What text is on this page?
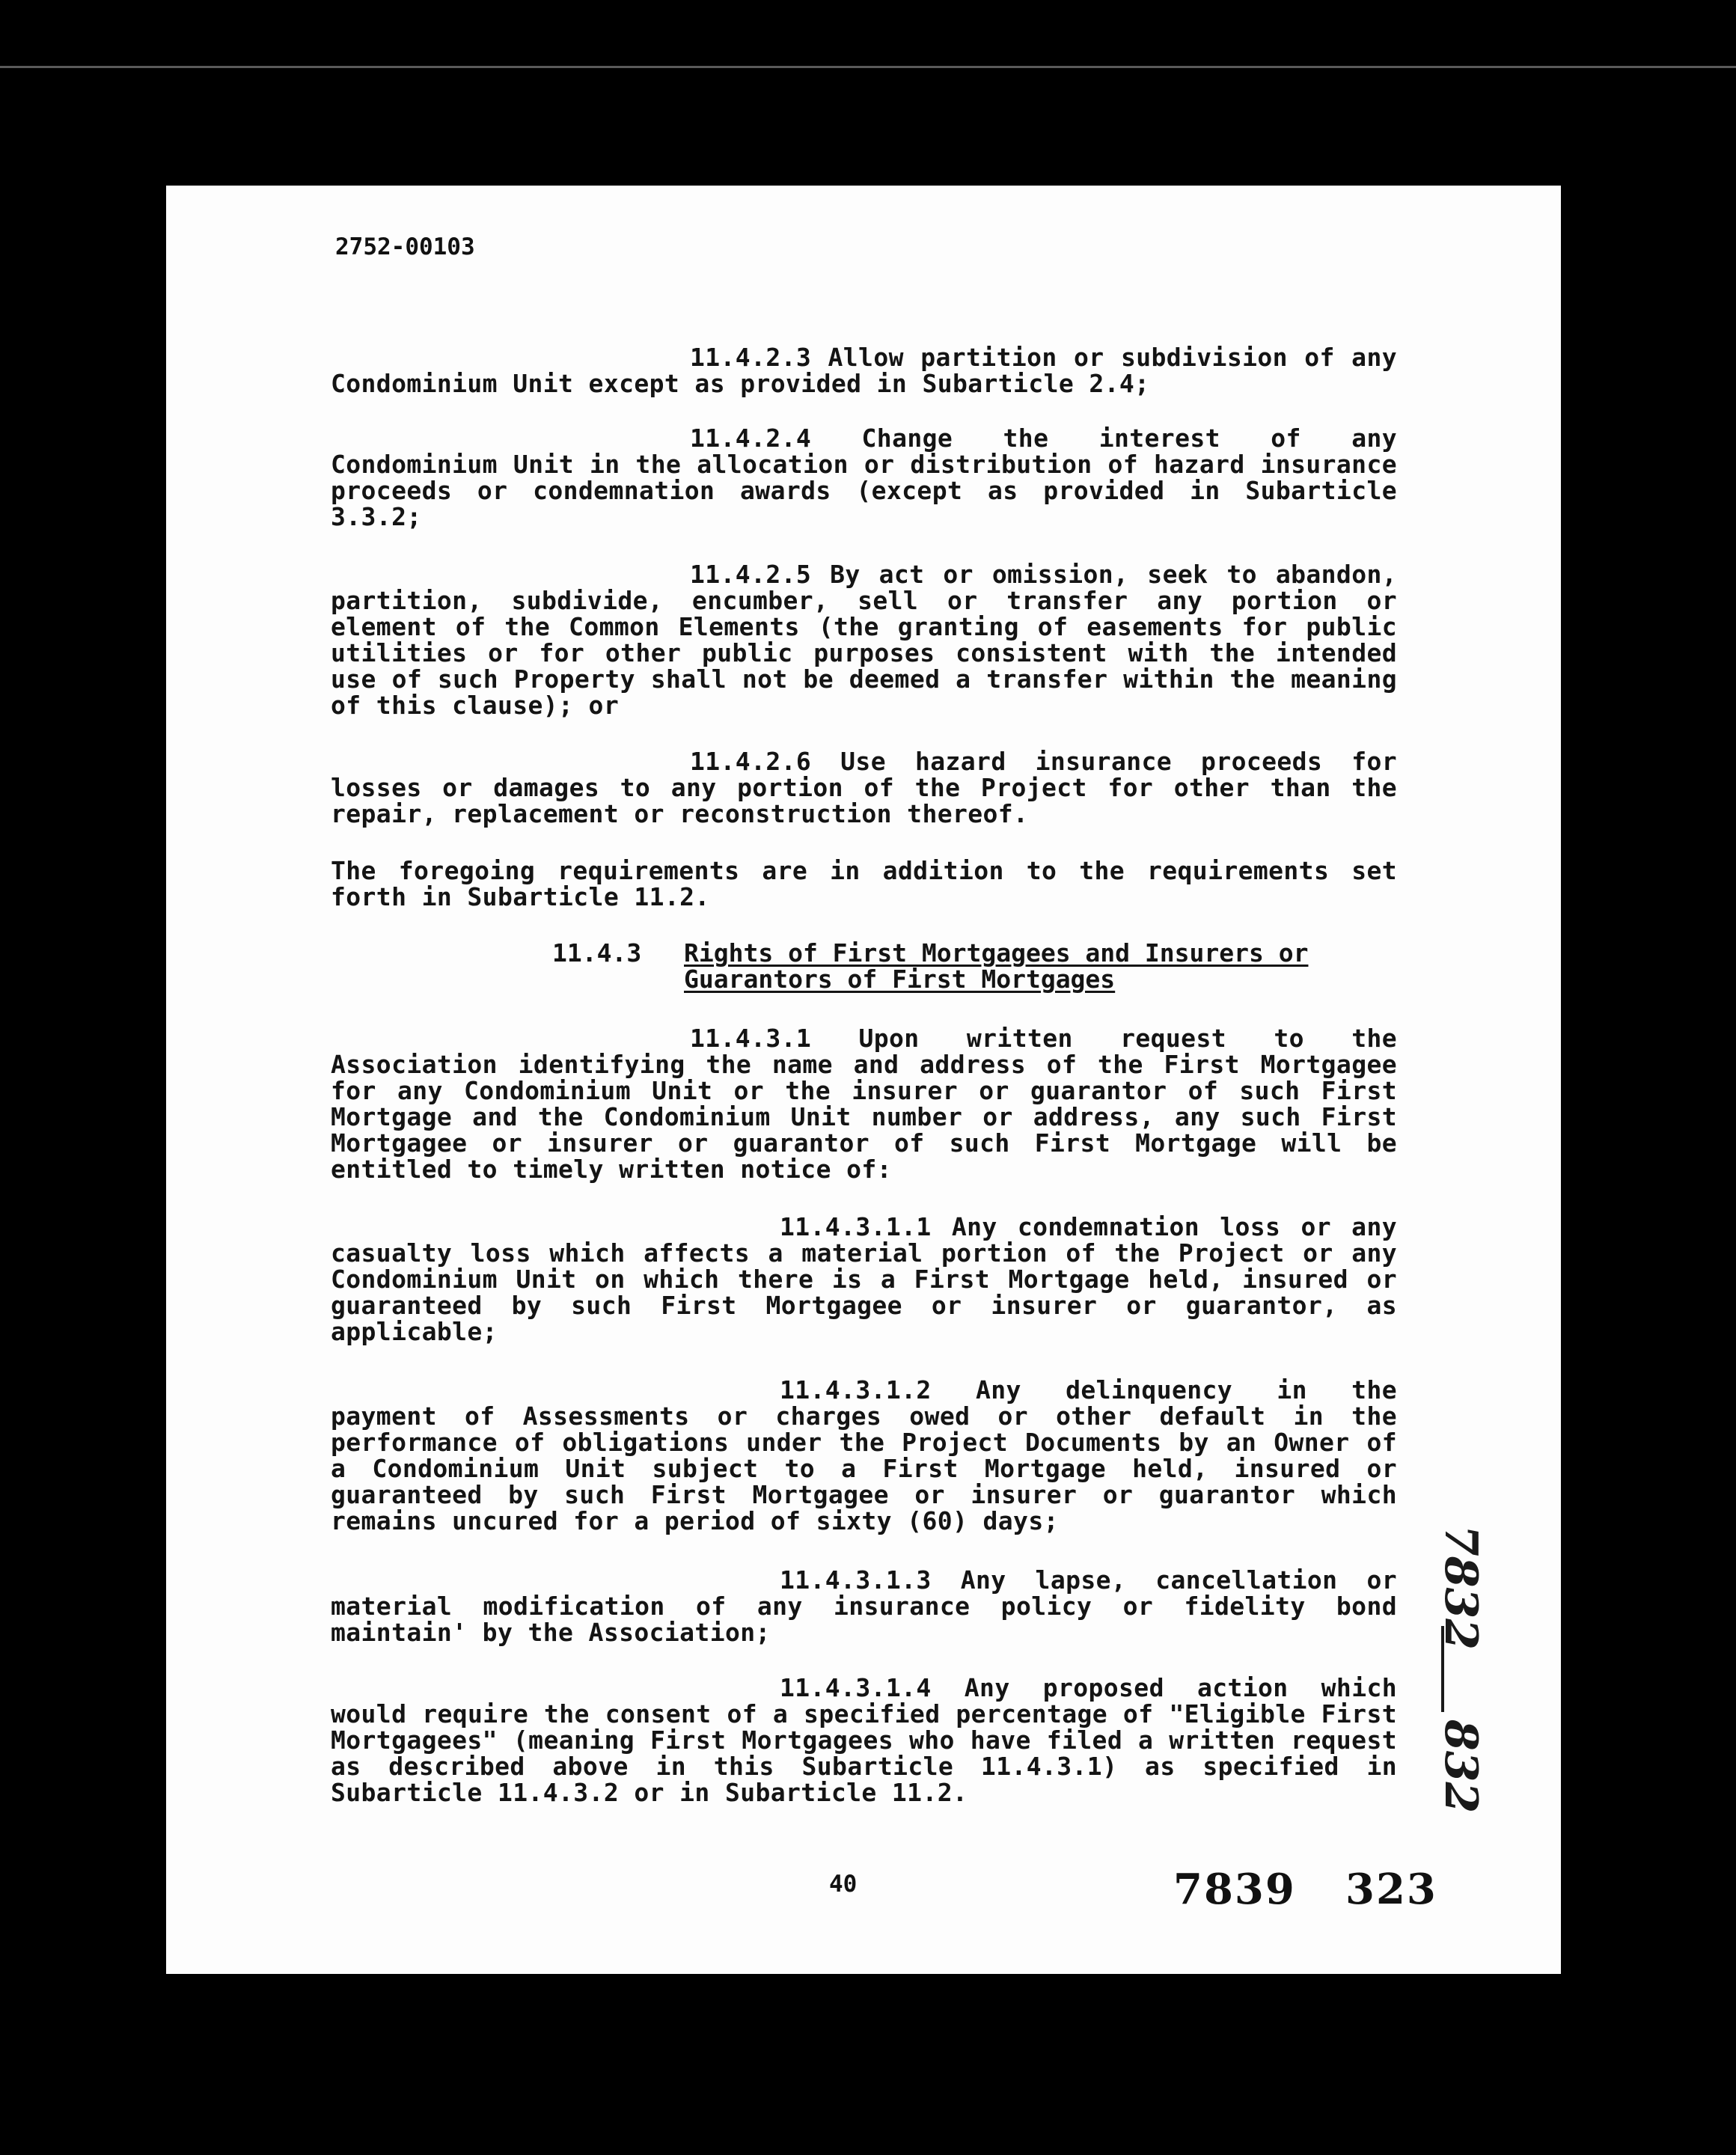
2752-00103

11.4.2.3 Allow partition or subdivision of any Condominium Unit except as provided in Subarticle 2.4;

11.4.2.4 Change the interest of any Condominium Unit in the allocation or distribution of hazard insurance proceeds or condemnation awards (except as provided in Subarticle 3.3.2;

11.4.2.5 By act or omission, seek to abandon, partition, subdivide, encumber, sell or transfer any portion or element of the Common Elements (the granting of easements for public utilities or for other public purposes consistent with the intended use of such Property shall not be deemed a transfer within the meaning of this clause); or

11.4.2.6 Use hazard insurance proceeds for losses or damages to any portion of the Project for other than the repair, replacement or reconstruction thereof.

The foregoing requirements are in addition to the requirements set forth in Subarticle 11.2.

11.4.3 Rights of First Mortgagees and Insurers or Guarantors of First Mortgages

11.4.3.1 Upon written request to the Association identifying the name and address of the First Mortgagee for any Condominium Unit or the insurer or guarantor of such First Mortgage and the Condominium Unit number or address, any such First Mortgagee or insurer or guarantor of such First Mortgage will be entitled to timely written notice of:

11.4.3.1.1 Any condemnation loss or any casualty loss which affects a material portion of the Project or any Condominium Unit on which there is a First Mortgage held, insured or guaranteed by such First Mortgagee or insurer or guarantor, as applicable;

11.4.3.1.2 Any delinquency in the payment of Assessments or charges owed or other default in the performance of obligations under the Project Documents by an Owner of a Condominium Unit subject to a First Mortgage held, insured or guaranteed by such First Mortgagee or insurer or guarantor which remains uncured for a period of sixty (60) days;

11.4.3.1.3 Any lapse, cancellation or material modification of any insurance policy or fidelity bond maintain' by the Association;

11.4.3.1.4 Any proposed action which would require the consent of a specified percentage of "Eligible First Mortgagees" (meaning First Mortgagees who have filed a written request as described above in this Subarticle 11.4.3.1) as specified in Subarticle 11.4.3.2 or in Subarticle 11.2.

40	7839 323
7832
832
